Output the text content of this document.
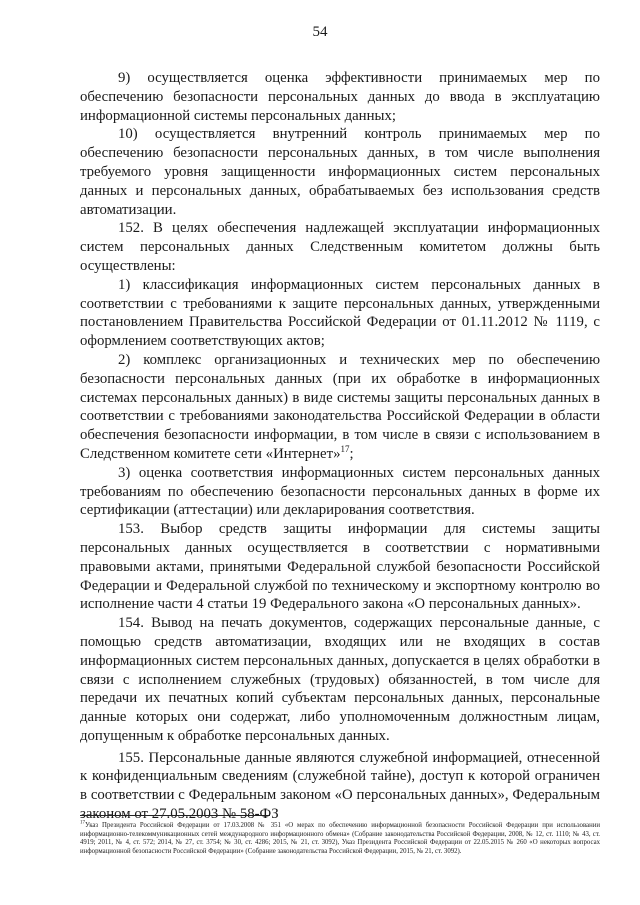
54

9) осуществляется оценка эффективности принимаемых мер по обеспечению безопасности персональных данных до ввода в эксплуатацию информационной системы персональных данных;

10) осуществляется внутренний контроль принимаемых мер по обеспечению безопасности персональных данных, в том числе выполнения требуемого уровня защищенности информационных систем персональных данных и персональных данных, обрабатываемых без использования средств автоматизации.

152. В целях обеспечения надлежащей эксплуатации информационных систем персональных данных Следственным комитетом должны быть осуществлены:

1) классификация информационных систем персональных данных в соответствии с требованиями к защите персональных данных, утвержденными постановлением Правительства Российской Федерации от 01.11.2012 № 1119, с оформлением соответствующих актов;

2) комплекс организационных и технических мер по обеспечению безопасности персональных данных (при их обработке в информационных системах персональных данных) в виде системы защиты персональных данных в соответствии с требованиями законодательства Российской Федерации в области обеспечения безопасности информации, в том числе в связи с использованием в Следственном комитете сети «Интернет»$^{17}$;

3) оценка соответствия информационных систем персональных данных требованиям по обеспечению безопасности персональных данных в форме их сертификации (аттестации) или декларирования соответствия.

153. Выбор средств защиты информации для системы защиты персональных данных осуществляется в соответствии с нормативными правовыми актами, принятыми Федеральной службой безопасности Российской Федерации и Федеральной службой по техническому и экспортному контролю во исполнение части 4 статьи 19 Федерального закона «О персональных данных».

154. Вывод на печать документов, содержащих персональные данные, с помощью средств автоматизации, входящих или не входящих в состав информационных систем персональных данных, допускается в целях обработки в связи с исполнением служебных (трудовых) обязанностей, в том числе для передачи их печатных копий субъектам персональных данных, персональные данные которых они содержат, либо уполномоченным должностным лицам, допущенным к обработке персональных данных.

155. Персональные данные являются служебной информацией, отнесенной к конфиденциальным сведениям (служебной тайне), доступ к которой ограничен в соответствии с Федеральным законом «О персональных данных», Федеральным законом от 27.05.2003 № 58-ФЗ

$^{17}$Указ Президента Российской Федерации от 17.03.2008 № 351 «О мерах по обеспечению информационной безопасности Российской Федерации при использовании информационно-телекоммуникационных сетей международного информационного обмена» (Собрание законодательства Российской Федерации, 2008, № 12, ст. 1110; № 43, ст. 4919; 2011, № 4, ст. 572; 2014, № 27, ст. 3754; № 30, ст. 4286; 2015, № 21, ст. 3092), Указ Президента Российской Федерации от 22.05.2015 № 260 «О некоторых вопросах информационной безопасности Российской Федерации» (Собрание законодательства Российской Федерации, 2015, № 21, ст. 3092).
